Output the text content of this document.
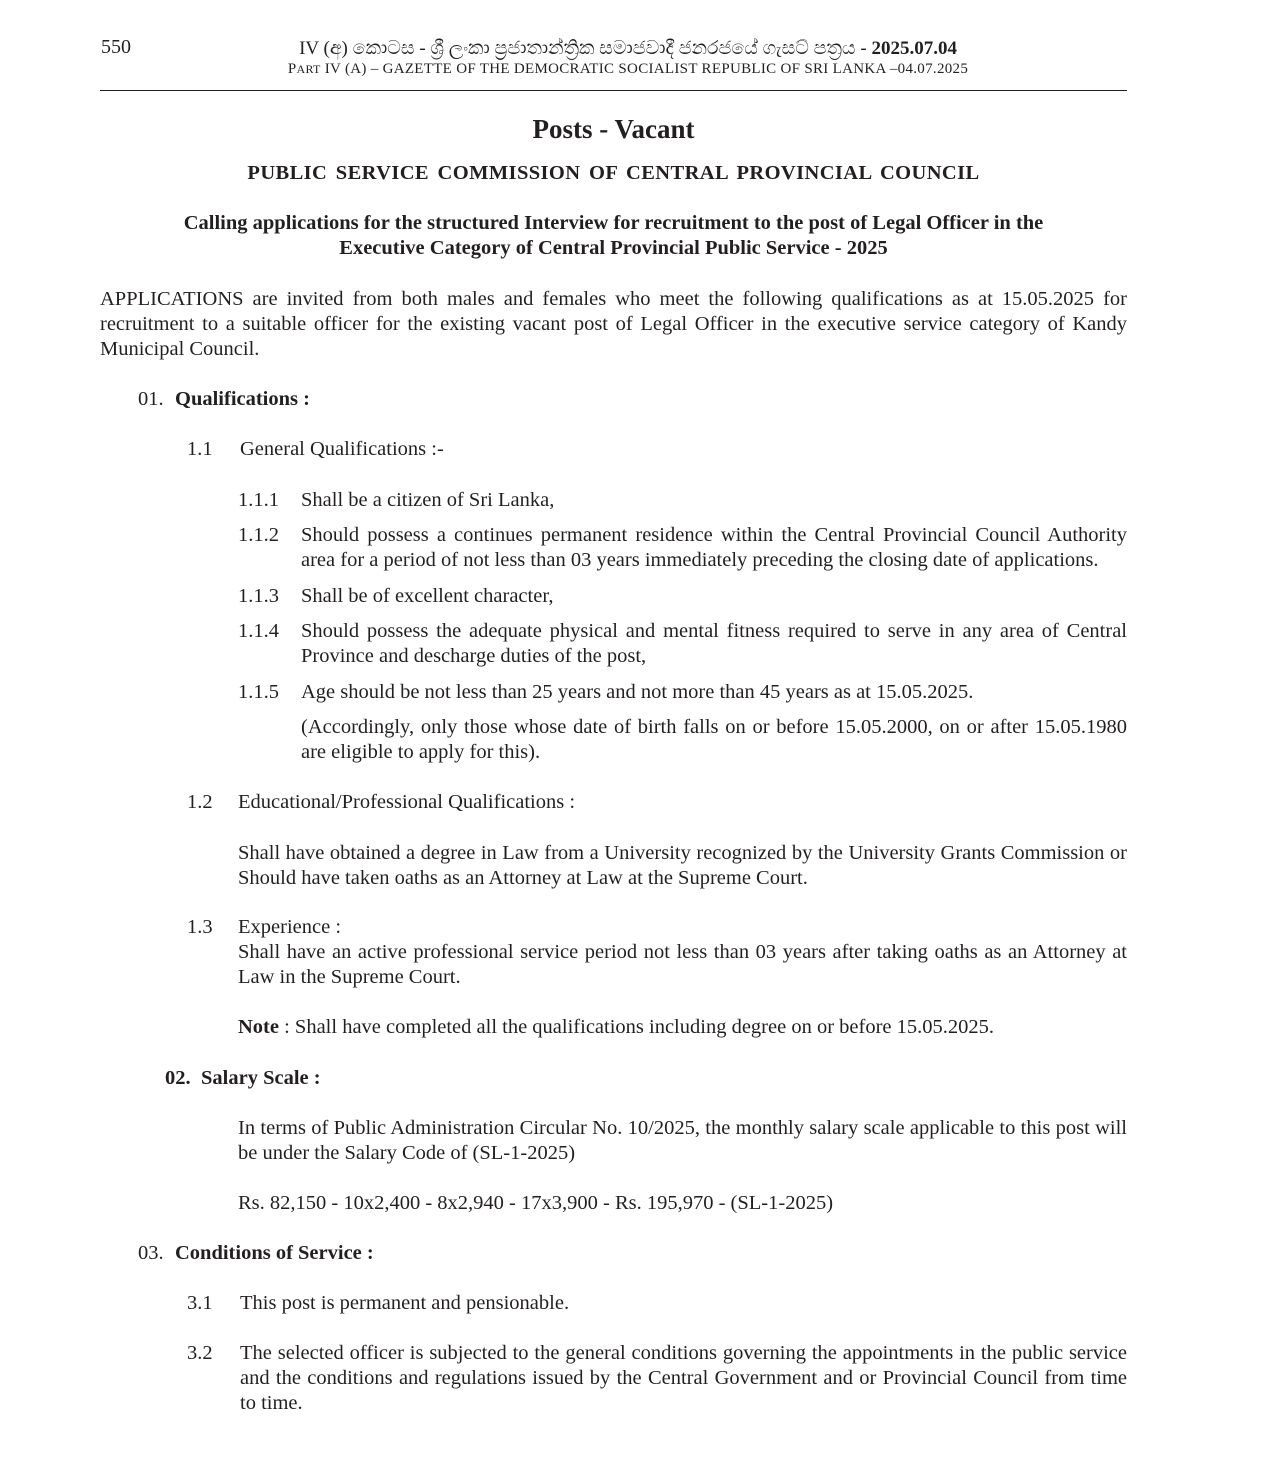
550	IV (අ) කොටස - ශ්‍රී ලංකා ප්‍රජාතාන්ත්‍රික සමාජවාදී ජනරජයේ ගැසට් පත්‍රය - 2025.07.04
PART IV (A) – GAZETTE OF THE DEMOCRATIC SOCIALIST REPUBLIC OF SRI LANKA –04.07.2025
Posts - Vacant
PUBLIC SERVICE COMMISSION OF CENTRAL PROVINCIAL COUNCIL
Calling applications for the structured Interview for recruitment to the post of Legal Officer in the
Executive Category of Central Provincial Public Service - 2025
APPLICATIONS are invited from both males and females who meet the following qualifications as at 15.05.2025 for recruitment to a suitable officer for the existing vacant post of Legal Officer in the executive service category of Kandy Municipal Council.
01. Qualifications :
1.1 General Qualifications :-
1.1.1 Shall be a citizen of Sri Lanka,
1.1.2 Should possess a continues permanent residence within the Central Provincial Council Authority area for a period of not less than 03 years immediately preceding the closing date of applications.
1.1.3 Shall be of excellent character,
1.1.4 Should possess the adequate physical and mental fitness required to serve in any area of Central Province and descharge duties of the post,
1.1.5 Age should be not less than 25 years and not more than 45 years as at 15.05.2025.
(Accordingly, only those whose date of birth falls on or before 15.05.2000, on or after 15.05.1980 are eligible to apply for this).
1.2 Educational/Professional Qualifications :
Shall have obtained a degree in Law from a University recognized by the University Grants Commission or Should have taken oaths as an Attorney at Law at the Supreme Court.
1.3 Experience :
Shall have an active professional service period not less than 03 years after taking oaths as an Attorney at Law in the Supreme Court.
Note : Shall have completed all the qualifications including degree on or before 15.05.2025.
02. Salary Scale :
In terms of Public Administration Circular No. 10/2025, the monthly salary scale applicable to this post will be under the Salary Code of (SL-1-2025)
Rs. 82,150 - 10x2,400 - 8x2,940 - 17x3,900 - Rs. 195,970 - (SL-1-2025)
03. Conditions of Service :
3.1 This post is permanent and pensionable.
3.2 The selected officer is subjected to the general conditions governing the appointments in the public service and the conditions and regulations issued by the Central Government and or Provincial Council from time to time.
